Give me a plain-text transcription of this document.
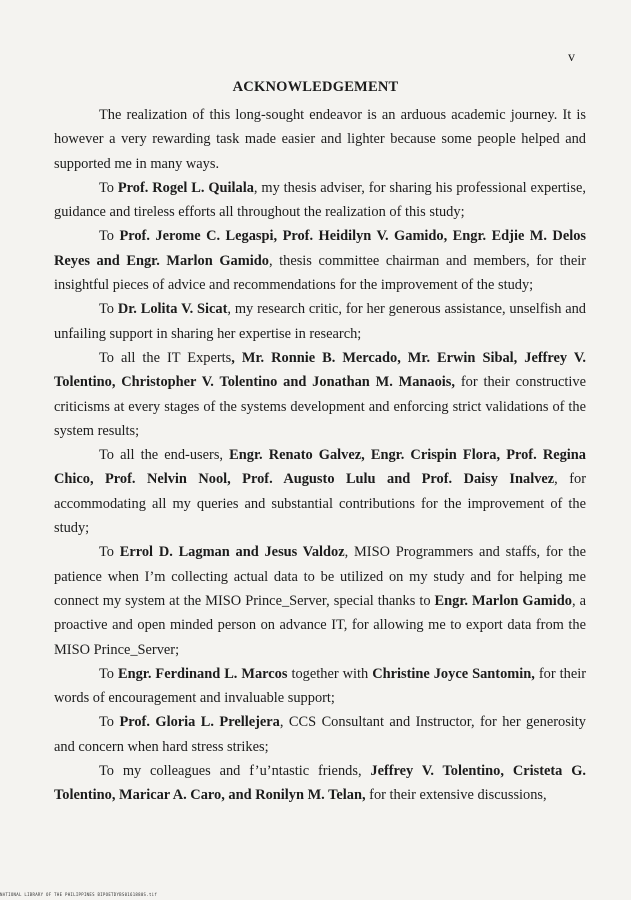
v
ACKNOWLEDGEMENT

The realization of this long-sought endeavor is an arduous academic journey. It is however a very rewarding task made easier and lighter because some people helped and supported me in many ways.

To Prof. Rogel L. Quilala, my thesis adviser, for sharing his professional expertise, guidance and tireless efforts all throughout the realization of this study;

To Prof. Jerome C. Legaspi, Prof. Heidilyn V. Gamido, Engr. Edjie M. Delos Reyes and Engr. Marlon Gamido, thesis committee chairman and members, for their insightful pieces of advice and recommendations for the improvement of the study;

To Dr. Lolita V. Sicat, my research critic, for her generous assistance, unselfish and unfailing support in sharing her expertise in research;

To all the IT Experts, Mr. Ronnie B. Mercado, Mr. Erwin Sibal, Jeffrey V. Tolentino, Christopher V. Tolentino and Jonathan M. Manaois, for their constructive criticisms at every stages of the systems development and enforcing strict validations of the system results;

To all the end-users, Engr. Renato Galvez, Engr. Crispin Flora, Prof. Regina Chico, Prof. Nelvin Nool, Prof. Augusto Lulu and Prof. Daisy Inalvez, for accommodating all my queries and substantial contributions for the improvement of the study;

To Errol D. Lagman and Jesus Valdoz, MISO Programmers and staffs, for the patience when I’m collecting actual data to be utilized on my study and for helping me connect my system at the MISO Prince_Server, special thanks to Engr. Marlon Gamido, a proactive and open minded person on advance IT, for allowing me to export data from the MISO Prince_Server;

To Engr. Ferdinand L. Marcos together with Christine Joyce Santomin, for their words of encouragement and invaluable support;

To Prof. Gloria L. Prellejera, CCS Consultant and Instructor, for her generosity and concern when hard stress strikes;

To my colleagues and f’u’ntastic friends, Jeffrey V. Tolentino, Cristeta G. Tolentino, Maricar A. Caro, and Ronilyn M. Telan, for their extensive discussions,

NATIONAL LIBRARY OF THE PHILIPPINES BIPOETDYBS0161880S.tif
